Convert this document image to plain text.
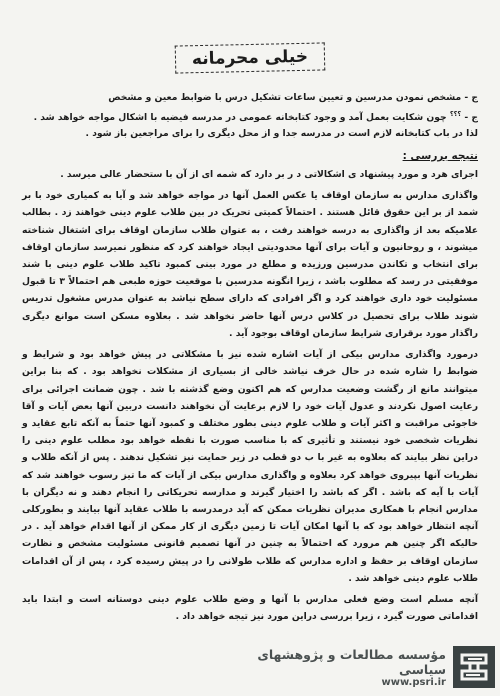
خیلی محرمانه
ج - مشخص نمودن مدرسین و تعیین ساعات تشکیل درس با ضوابط معین و مشخص
ج - ؟؟؟ چون شکایت بعمل آمد و وجود کتابخانه عمومی در مدرسه فیضیه با اشکال مواجه خواهد شد . لذا در باب کتابخانه لازم است در مدرسه جدا و از محل دیگری را برای مراجعین باز شود .
نتیجه بررسی :

اجرای هرد و مورد پیشنهاد ی اشکالاتی د ر بر دارد که شمه ای از آن با ستحضار عالی میرسد .

واگذاری مدارس به سازمان اوقاف یا عکس العمل آنها در مواجه خواهد شد و آیا به کمیاری خود با بر شمد از بر این حقوق قائل هستند . احتمالاً کمیتی تحریک در بین طلاب علوم دینی خواهند زد . بطالب علامیکه بعد از واگذاری به درسه خواهند رفت ، به عنوان طلاب سازمان اوقاف برای اشتغال شناخته میشوند ، و روحانیون و آیات برای آنها محدودیتی ایجاد خواهند کرد که منظور نمیرسد سازمان اوقاف برای انتخاب و تکاندن مدرسین ورزیده و مطلع در مورد بینی کمبود تاکید طلاب علوم دینی با شند موفقیتی در رسد که مطلوب باشد ، زیرا انگونه مدرسین با موقعیت حوزه طبعی هم احتمالاً ۳ تا قبول مسئولیت خود داری خواهند کرد و اگر افرادی که دارای سطح نیاشد به عنوان مدرس مشغول تدریس شوند طلاب برای تحصیل در کلاس درس آنها حاضر نخواهد شد . بعلاوه مسکن است موانع دیگری راگذار مورد برقراری شرایط سازمان اوقاف بوجود آید .

درمورد واگذاری مدارس بیکی از آیات اشاره شده نیز با مشکلاتی در پیش خواهد بود و شرایط و ضوابط را شاره شده در حال خرف نیاشد خالی از بسیاری از مشکلات نخواهد بود . که بنا براین میتوانند مانع از رگشت وضعیت مدارس که هم اکنون وضع گذشته با شد . چون ضمانت اجرائی برای رعایت اصول نکردند و عدول آیات خود را لازم برعایت آن نخواهند دانست دربین آنها بعض آیات و آقا خاجوئی مراقبت و اکثر آیات و طلاب علوم دینی بطور مختلف و کمبود آنها حتماً به آنکه تابع عقاید و نظریات شخصی خود نیستند و تأثیری که با مناسب صورت با نقطه خواهد بود مطلب علوم دینی را دراین نظر بیایند که بعلاوه به غیر با ب دو قطب در زیر حمایت نیز تشکیل ندهند . پس از آنکه طلاب و نظریات آنها بپیروی خواهد کرد بعلاوه و واگذاری مدارس بیکی از آیات که ما تیز رسوب خواهند شد که آیات با آیه که باشد . اگر که باشد را اختیار گیرند و مدارسه تحریکاتی را انجام دهند و نه دیگران با مدارس انجام با همکاری مدیران نظریات ممکن که آید درمدرسه با طلاب عقاید آنها بیایند و بطورکلی آنچه انتظار خواهد بود که با آنها امکان آیات تا زمین دیگری از کار ممکن از آنها اقدام خواهد آید . در حالیکه اگر چنین هم مرورد که احتمالاً به چنین در آنها تصمیم قانونی مسئولیت مشخص و نظارت سازمان اوقاف بر حفظ و اداره مدارس که طلاب طولانی را در پیش رسیده کرد ، پس از آن اقدامات طلاب علوم دینی خواهد شد .

آنچه مسلم است وضع فعلی مدارس با آنها و وضع طلاب علوم دینی دوستانه است و ابتدا باید اقداماتی صورت گیرد ، زیرا بررسی دراین مورد نیز تیجه خواهد داد .

مؤسسه مطالعات و پژوهشهای سیاسی
www.psri.ir
